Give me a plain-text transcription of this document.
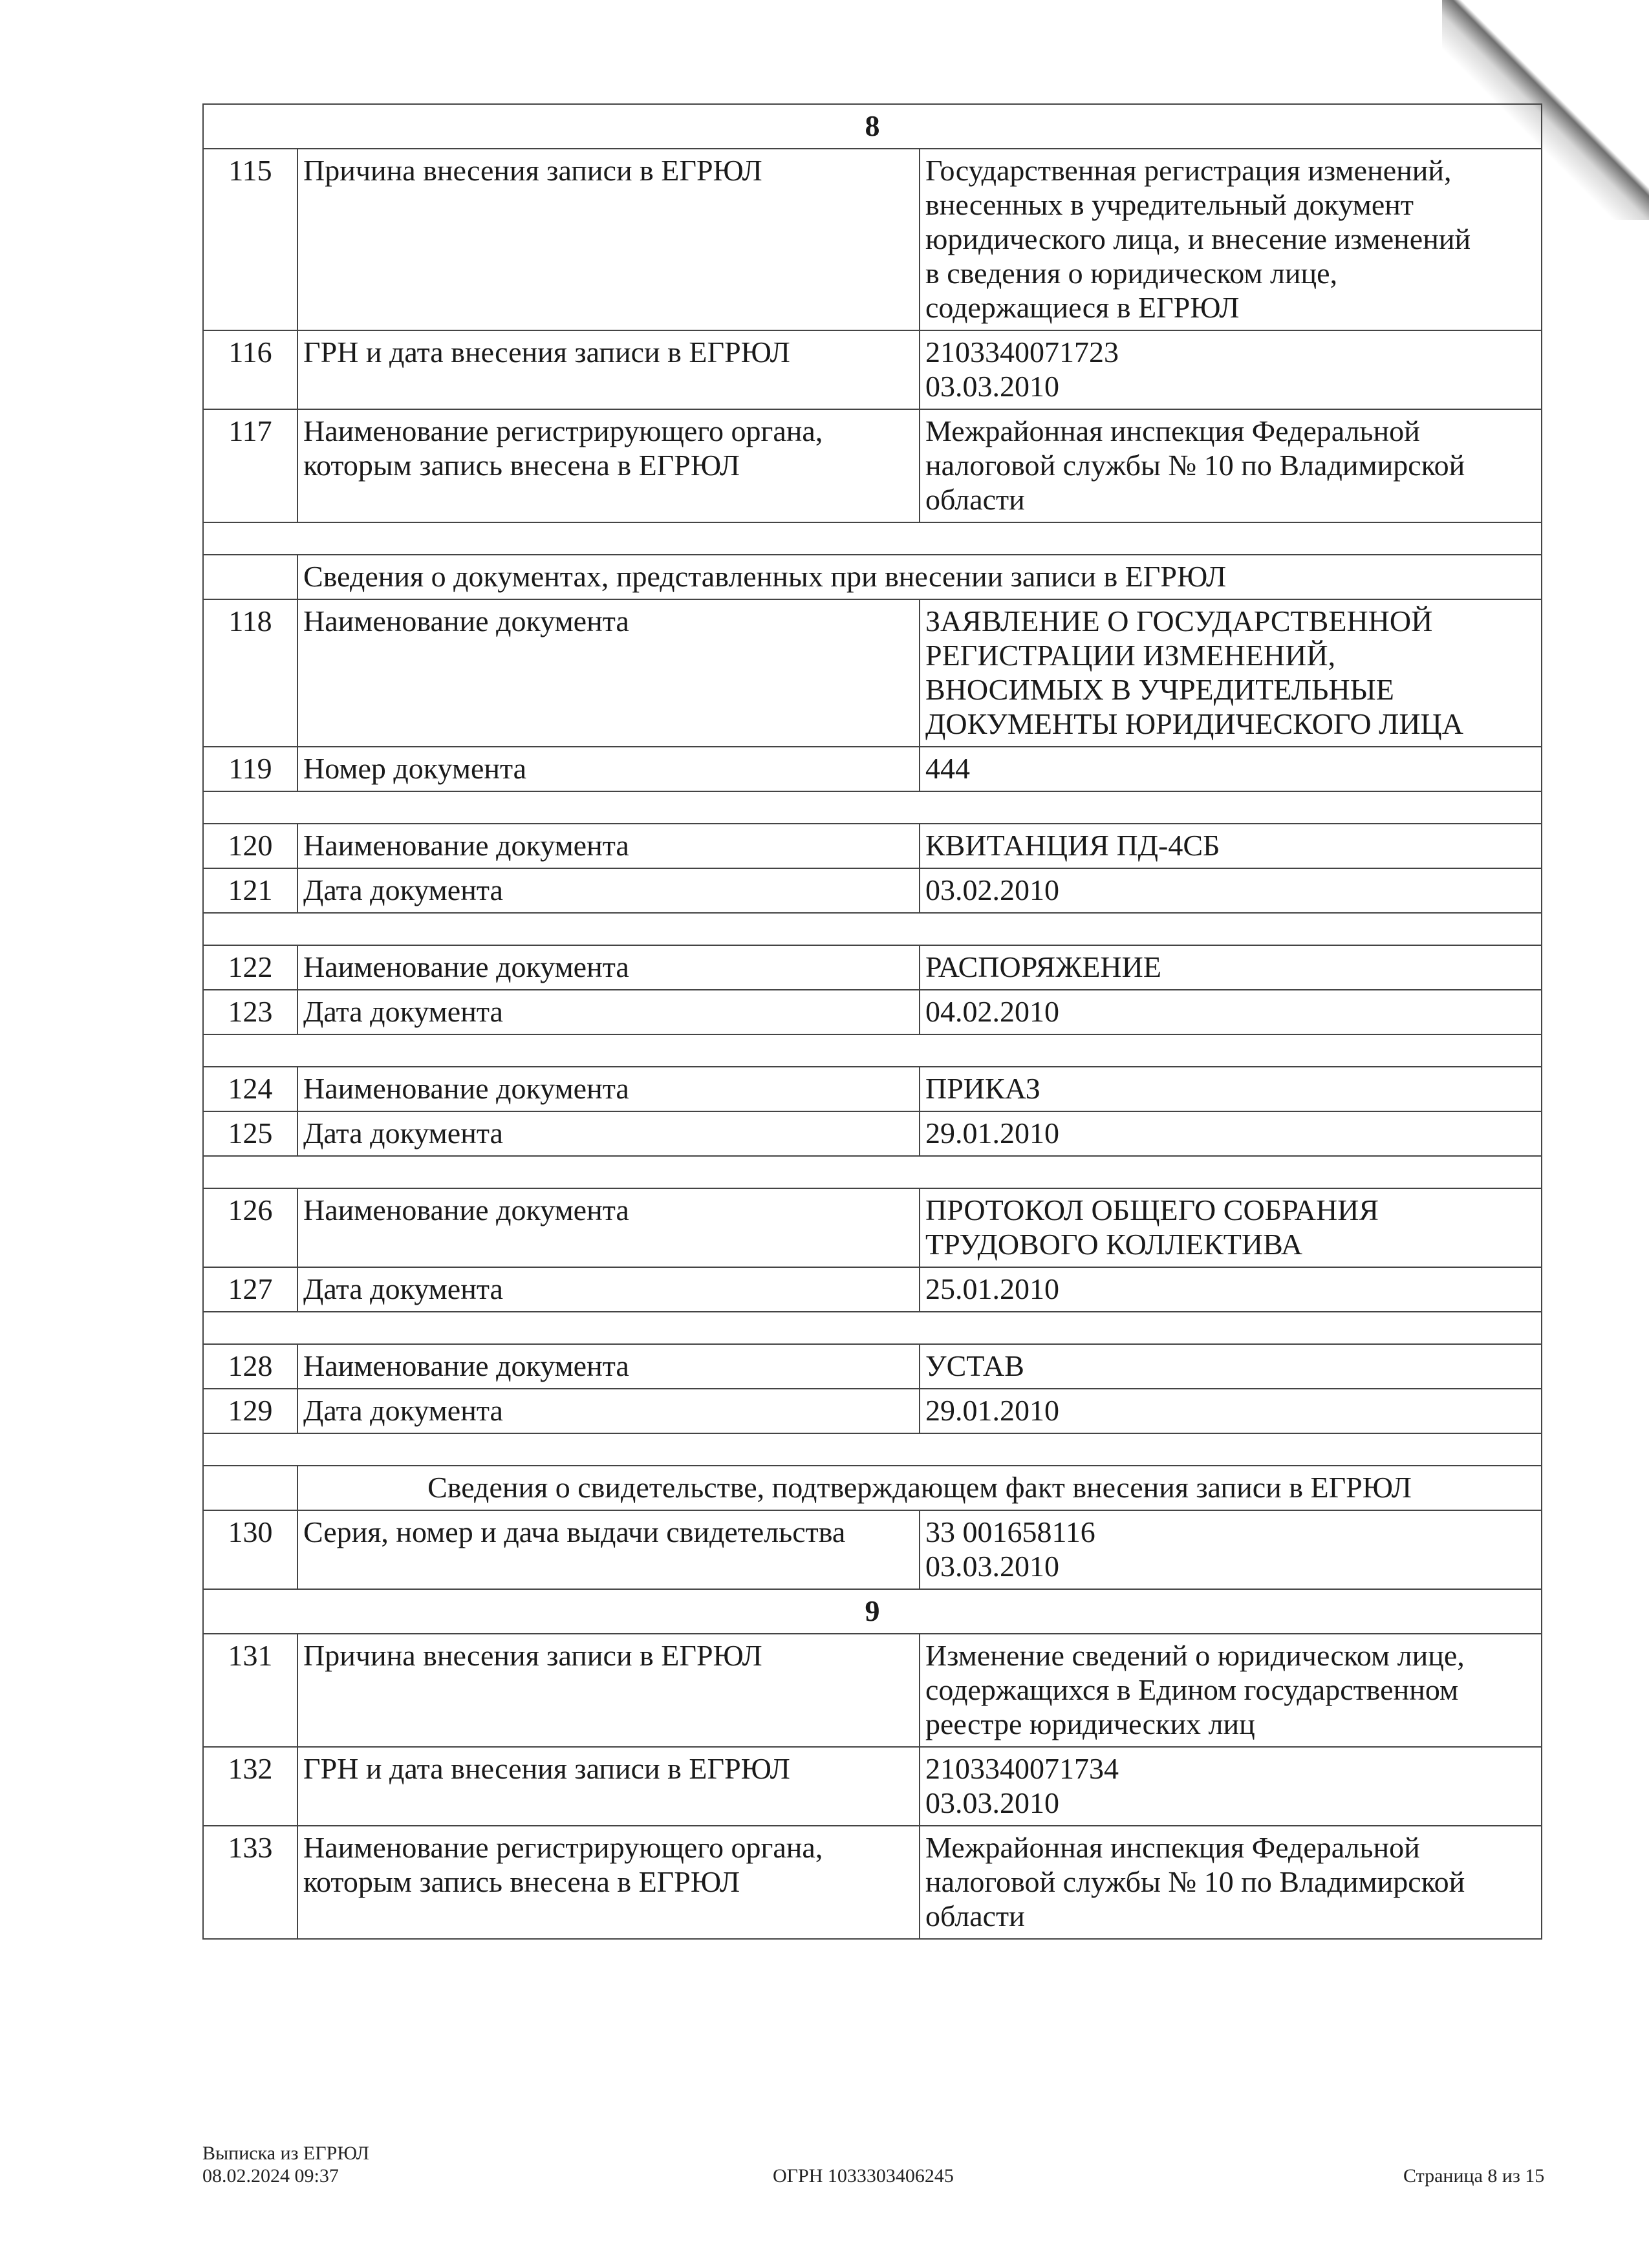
8		
115	Причина внесения записи в ЕГРЮЛ	Государственная регистрация изменений,
внесенных в учредительный документ
юридического лица, и внесение изменений
в сведения о юридическом лице,
содержащиеся в ЕГРЮЛ

116	ГРН и дата внесения записи в ЕГРЮЛ	2103340071723
03.03.2010

117	Наименование регистрирующего органа,
которым запись внесена в ЕГРЮЛ	Межрайонная инспекция Федеральной
налоговой службы № 10 по Владимирской
области

	Сведения о документах, представленных при внесении записи в ЕГРЮЛ	
118	Наименование документа	ЗАЯВЛЕНИЕ О ГОСУДАРСТВЕННОЙ
РЕГИСТРАЦИИ ИЗМЕНЕНИЙ,
ВНОСИМЫХ В УЧРЕДИТЕЛЬНЫЕ
ДОКУМЕНТЫ ЮРИДИЧЕСКОГО ЛИЦА

119	Номер документа	444

120	Наименование документа	КВИТАНЦИЯ ПД-4СБ

121	Дата документа	03.02.2010

122	Наименование документа	РАСПОРЯЖЕНИЕ

123	Дата документа	04.02.2010

124	Наименование документа	ПРИКАЗ

125	Дата документа	29.01.2010

126	Наименование документа	ПРОТОКОЛ ОБЩЕГО СОБРАНИЯ
ТРУДОВОГО КОЛЛЕКТИВА

127	Дата документа	25.01.2010

128	Наименование документа	УСТАВ

129	Дата документа	29.01.2010

	Сведения о свидетельстве, подтверждающем факт внесения записи в ЕГРЮЛ	
130	Серия, номер и дача выдачи свидетельства	33 001658116
03.03.2010

9		
131	Причина внесения записи в ЕГРЮЛ	Изменение сведений о юридическом лице,
содержащихся в Едином государственном
реестре юридических лиц

132	ГРН и дата внесения записи в ЕГРЮЛ	2103340071734
03.03.2010

133	Наименование регистрирующего органа,
которым запись внесена в ЕГРЮЛ	Межрайонная инспекция Федеральной
налоговой службы № 10 по Владимирской
области
Выписка из ЕГРЮЛ
08.02.2024 09:37	ОГРН 1033303406245	Страница 8 из 15
